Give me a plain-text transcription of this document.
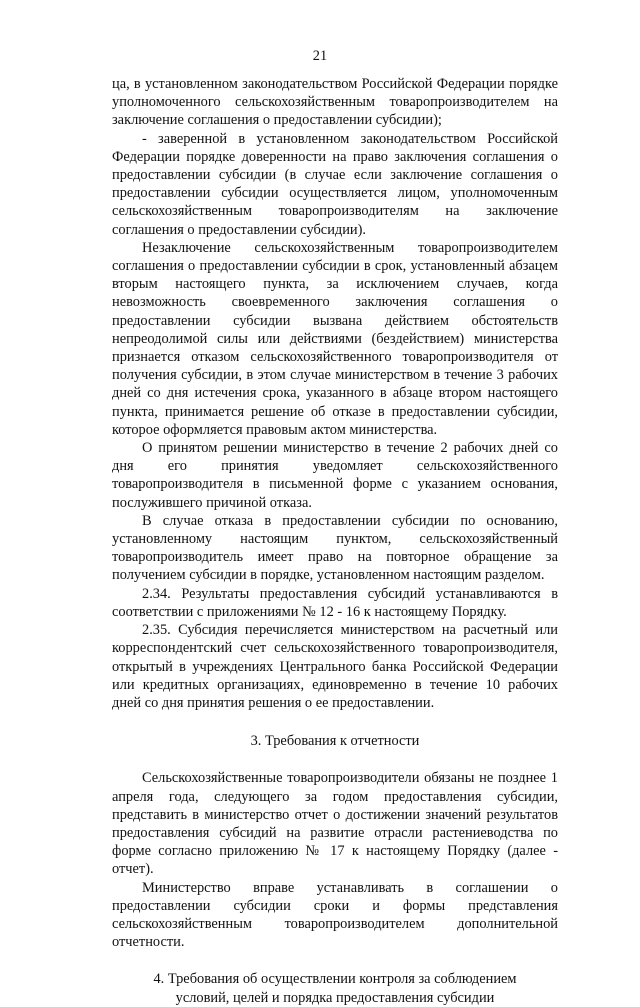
21

ца, в установленном законодательством Российской Федерации порядке уполномоченного сельскохозяйственным товаропроизводителем на заключение соглашения о предоставлении субсидии);

- заверенной в установленном законодательством Российской Федерации порядке доверенности на право заключения соглашения о предоставлении субсидии (в случае если заключение соглашения о предоставлении субсидии осуществляется лицом, уполномоченным сельскохозяйственным товаропроизводителям на заключение соглашения о предоставлении субсидии).

Незаключение сельскохозяйственным товаропроизводителем соглашения о предоставлении субсидии в срок, установленный абзацем вторым настоящего пункта, за исключением случаев, когда невозможность своевременного заключения соглашения о предоставлении субсидии вызвана действием обстоятельств непреодолимой силы или действиями (бездействием) министерства признается отказом сельскохозяйственного товаропроизводителя от получения субсидии, в этом случае министерством в течение 3 рабочих дней со дня истечения срока, указанного в абзаце втором настоящего пункта, принимается решение об отказе в предоставлении субсидии, которое оформляется правовым актом министерства.

О принятом решении министерство в течение 2 рабочих дней со дня его принятия уведомляет сельскохозяйственного товаропроизводителя в письменной форме с указанием основания, послужившего причиной отказа.

В случае отказа в предоставлении субсидии по основанию, установленному настоящим пунктом, сельскохозяйственный товаропроизводитель имеет право на повторное обращение за получением субсидии в порядке, установленном настоящим разделом.

2.34. Результаты предоставления субсидий устанавливаются в соответствии с приложениями № 12 - 16 к настоящему Порядку.

2.35. Субсидия перечисляется министерством на расчетный или корреспондентский счет сельскохозяйственного товаропроизводителя, открытый в учреждениях Центрального банка Российской Федерации или кредитных организациях, единовременно в течение 10 рабочих дней со дня принятия решения о ее предоставлении.

3. Требования к отчетности

Сельскохозяйственные товаропроизводители обязаны не позднее 1 апреля года, следующего за годом предоставления субсидии, представить в министерство отчет о достижении значений результатов предоставления субсидий на развитие отрасли растениеводства по форме согласно приложению № 17 к настоящему Порядку (далее - отчет).

Министерство вправе устанавливать в соглашении о предоставлении субсидии сроки и формы представления сельскохозяйственным товаропроизводителем дополнительной отчетности.

4. Требования об осуществлении контроля за соблюдением
условий, целей и порядка предоставления субсидии
